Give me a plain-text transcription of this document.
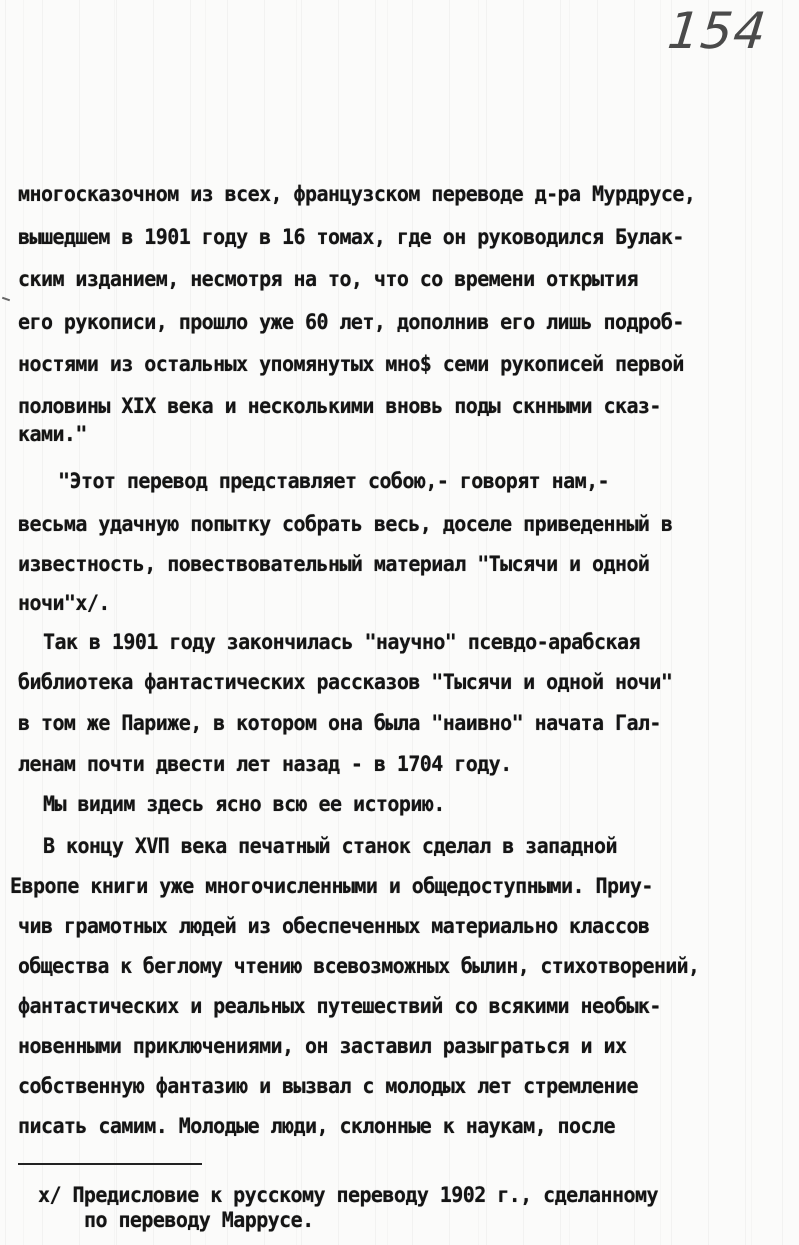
154
многосказочном из всех, французском переводе д-ра Мурдрусе,
вышедшем в 1901 году в 16 томах, где он руководился Булак-
ским изданием, несмотря на то, что со времени открытия
его рукописи, прошло уже 60 лет, дополнив его лишь подроб-
ностями из остальных упомянутых мно$ семи рукописей первой
половины XIX века и несколькими вновь поды скнными сказ-
ками."
"Этот перевод представляет собою,- говорят нам,-
весьма удачную попытку собрать весь, доселе приведенный в
известность, повествовательный материал "Тысячи и одной
ночи"х/.
Так в 1901 году закончилась "научно" псевдо-арабская
библиотека фантастических рассказов "Тысячи и одной ночи"
в том же Париже, в котором она была "наивно" начата Гал-
ленам почти двести лет назад - в 1704 году.
Мы видим здесь ясно всю ее историю.
В концу ХVП века печатный станок сделал в западной
Европе книги уже многочисленными и общедоступными. Приу-
чив грамотных людей из обеспеченных материально классов
общества к беглому чтению всевозможных былин, стихотворений,
фантастических и реальных путешествий со всякими необык-
новенными приключениями, он заставил разыграться и их
собственную фантазию и вызвал с молодых лет стремление
писать самим. Молодые люди, склонные к наукам, после
х/ Предисловие к русскому переводу 1902 г., сделанному
по переводу Маррусе.
